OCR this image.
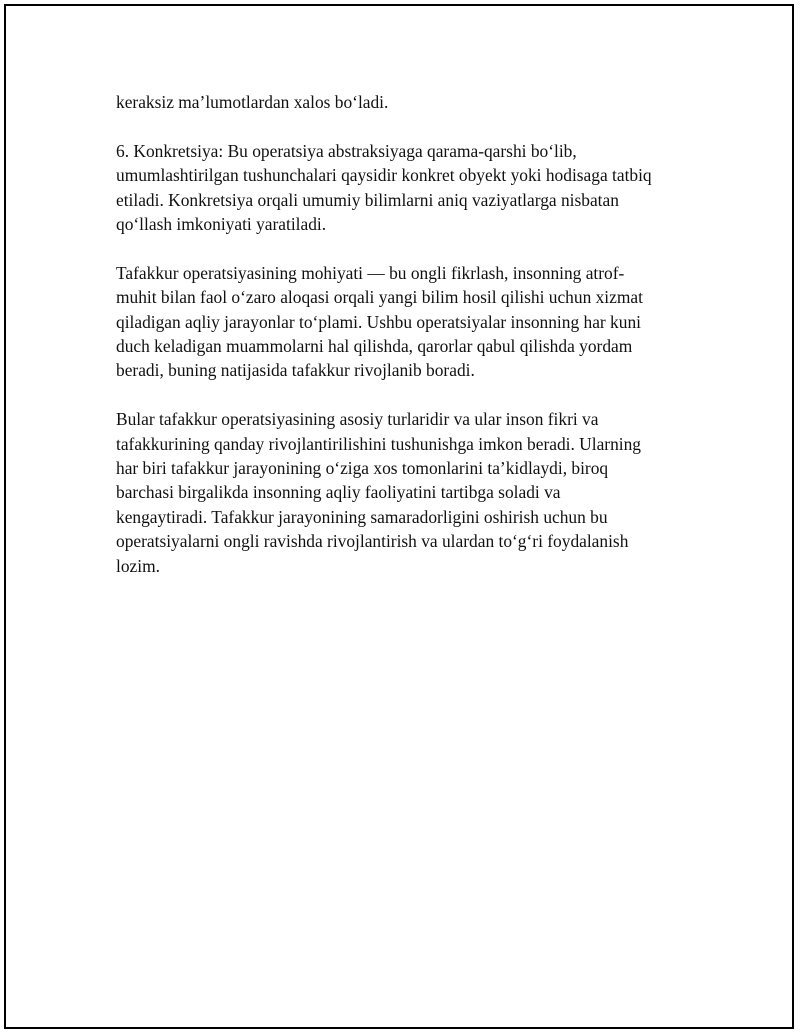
keraksiz ma’lumotlardan xalos bo‘ladi.

6. Konkretsiya: Bu operatsiya abstraksiyaga qarama-qarshi bo‘lib,
umumlashtirilgan tushunchalari qaysidir konkret obyekt yoki hodisaga tatbiq
etiladi. Konkretsiya orqali umumiy bilimlarni aniq vaziyatlarga nisbatan
qo‘llash imkoniyati yaratiladi.

Tafakkur operatsiyasining mohiyati — bu ongli fikrlash, insonning atrof-
muhit bilan faol o‘zaro aloqasi orqali yangi bilim hosil qilishi uchun xizmat
qiladigan aqliy jarayonlar to‘plami. Ushbu operatsiyalar insonning har kuni
duch keladigan muammolarni hal qilishda, qarorlar qabul qilishda yordam
beradi, buning natijasida tafakkur rivojlanib boradi.

Bular tafakkur operatsiyasining asosiy turlaridir va ular inson fikri va
tafakkurining qanday rivojlantirilishini tushunishga imkon beradi. Ularning
har biri tafakkur jarayonining o‘ziga xos tomonlarini ta’kidlaydi, biroq
barchasi birgalikda insonning aqliy faoliyatini tartibga soladi va
kengaytiradi. Tafakkur jarayonining samaradorligini oshirish uchun bu
operatsiyalarni ongli ravishda rivojlantirish va ulardan to‘g‘ri foydalanish
lozim.
